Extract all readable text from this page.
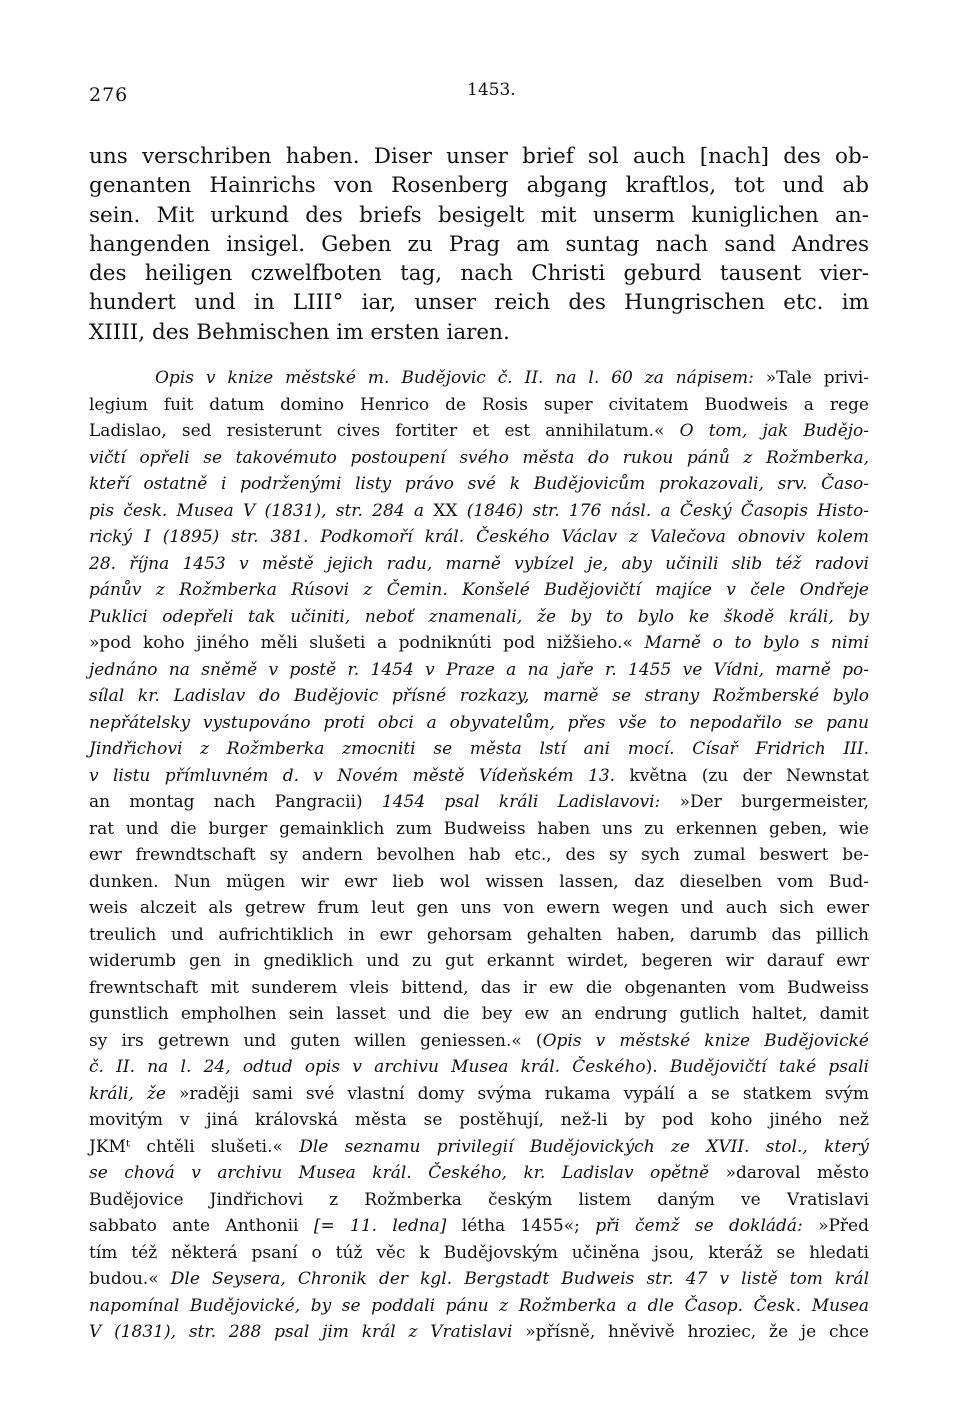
276	1453.
uns verschriben haben. Diser unser brief sol auch [nach] des ob-
genanten Hainrichs von Rosenberg abgang kraftlos, tot und ab
sein. Mit urkund des briefs besigelt mit unserm kuniglichen an-
hangenden insigel. Geben zu Prag am suntag nach sand Andres
des heiligen czwelfboten tag, nach Christi geburd tausent vier-
hundert und in LIII° iar, unser reich des Hungrischen etc. im
XIIII, des Behmischen im ersten iaren.
Opis v knize městské m. Budějovic č. II. na l. 60 za nápisem: »Tale privi-
legium fuit datum domino Henrico de Rosis super civitatem Buodweis a rege
Ladislao, sed resisterunt cives fortiter et est annihilatum.« O tom, jak Budějo-
vičtí opřeli se takovémuto postoupení svého města do rukou pánů z Rožmberka,
kteří ostatně i podrženými listy právo své k Budějovicům prokazovali, srv. Časo-
pis česk. Musea V (1831), str. 284 a XX (1846) str. 176 násl. a Český Časopis Histo-
rický I (1895) str. 381. Podkomoří král. Českého Václav z Valečova obnoviv kolem
28. října 1453 v městě jejich radu, marně vybízel je, aby učinili slib též radovi
pánův z Rožmberka Rúsovi z Čemin. Konšelé Budějovičtí majíce v čele Ondřeje
Puklici odepřeli tak učiniti, neboť znamenali, že by to bylo ke škodě králi, by
»pod koho jiného měli slušeti a podniknúti pod nižšieho.« Marně o to bylo s nimi
jednáno na sněmě v postě r. 1454 v Praze a na jaře r. 1455 ve Vídni, marně po-
sílal kr. Ladislav do Budějovic přísné rozkazy, marně se strany Rožmberské bylo
nepřátelsky vystupováno proti obci a obyvatelům, přes vše to nepodařilo se panu
Jindřichovi z Rožmberka zmocniti se města lstí ani mocí. Císař Fridrich III.
v listu přímluvném d. v Novém městě Vídeňském 13. května (zu der Newnstat
an montag nach Pangracii) 1454 psal králi Ladislavovi: »Der burgermeister,
rat und die burger gemainklich zum Budweiss haben uns zu erkennen geben, wie
ewr frewndtschaft sy andern bevolhen hab etc., des sy sych zumal beswert be-
dunken. Nun mügen wir ewr lieb wol wissen lassen, daz dieselben vom Bud-
weis alczeit als getrew frum leut gen uns von ewern wegen und auch sich ewer
treulich und aufrichtiklich in ewr gehorsam gehalten haben, darumb das pillich
widerumb gen in gnediklich und zu gut erkannt wirdet, begeren wir darauf ewr
frewntschaft mit sunderem vleis bittend, das ir ew die obgenanten vom Budweiss
gunstlich empholhen sein lasset und die bey ew an endrung gutlich haltet, damit
sy irs getrewn und guten willen geniessen.« (Opis v městské knize Budějovické
č. II. na l. 24, odtud opis v archivu Musea král. Českého). Budějovičtí také psali
králi, že »raději sami své vlastní domy svýma rukama vypálí a se statkem svým
movitým v jiná královská města se postěhují, než-li by pod koho jiného než
JKMᵗ chtěli slušeti.« Dle seznamu privilegií Budějovických ze XVII. stol., který
se chová v archivu Musea král. Českého, kr. Ladislav opětně »daroval město
Budějovice Jindřichovi z Rožmberka českým listem daným ve Vratislavi
sabbato ante Anthonii [= 11. ledna] létha 1455«; při čemž se dokládá: »Před
tím též některá psaní o túž věc k Budějovským učiněna jsou, kteráž se hledati
budou.« Dle Seysera, Chronik der kgl. Bergstadt Budweis str. 47 v listě tom král
napomínal Budějovické, by se poddali pánu z Rožmberka a dle Časop. Česk. Musea
V (1831), str. 288 psal jim král z Vratislavi »přísně, hněvivě hroziec, že je chce
